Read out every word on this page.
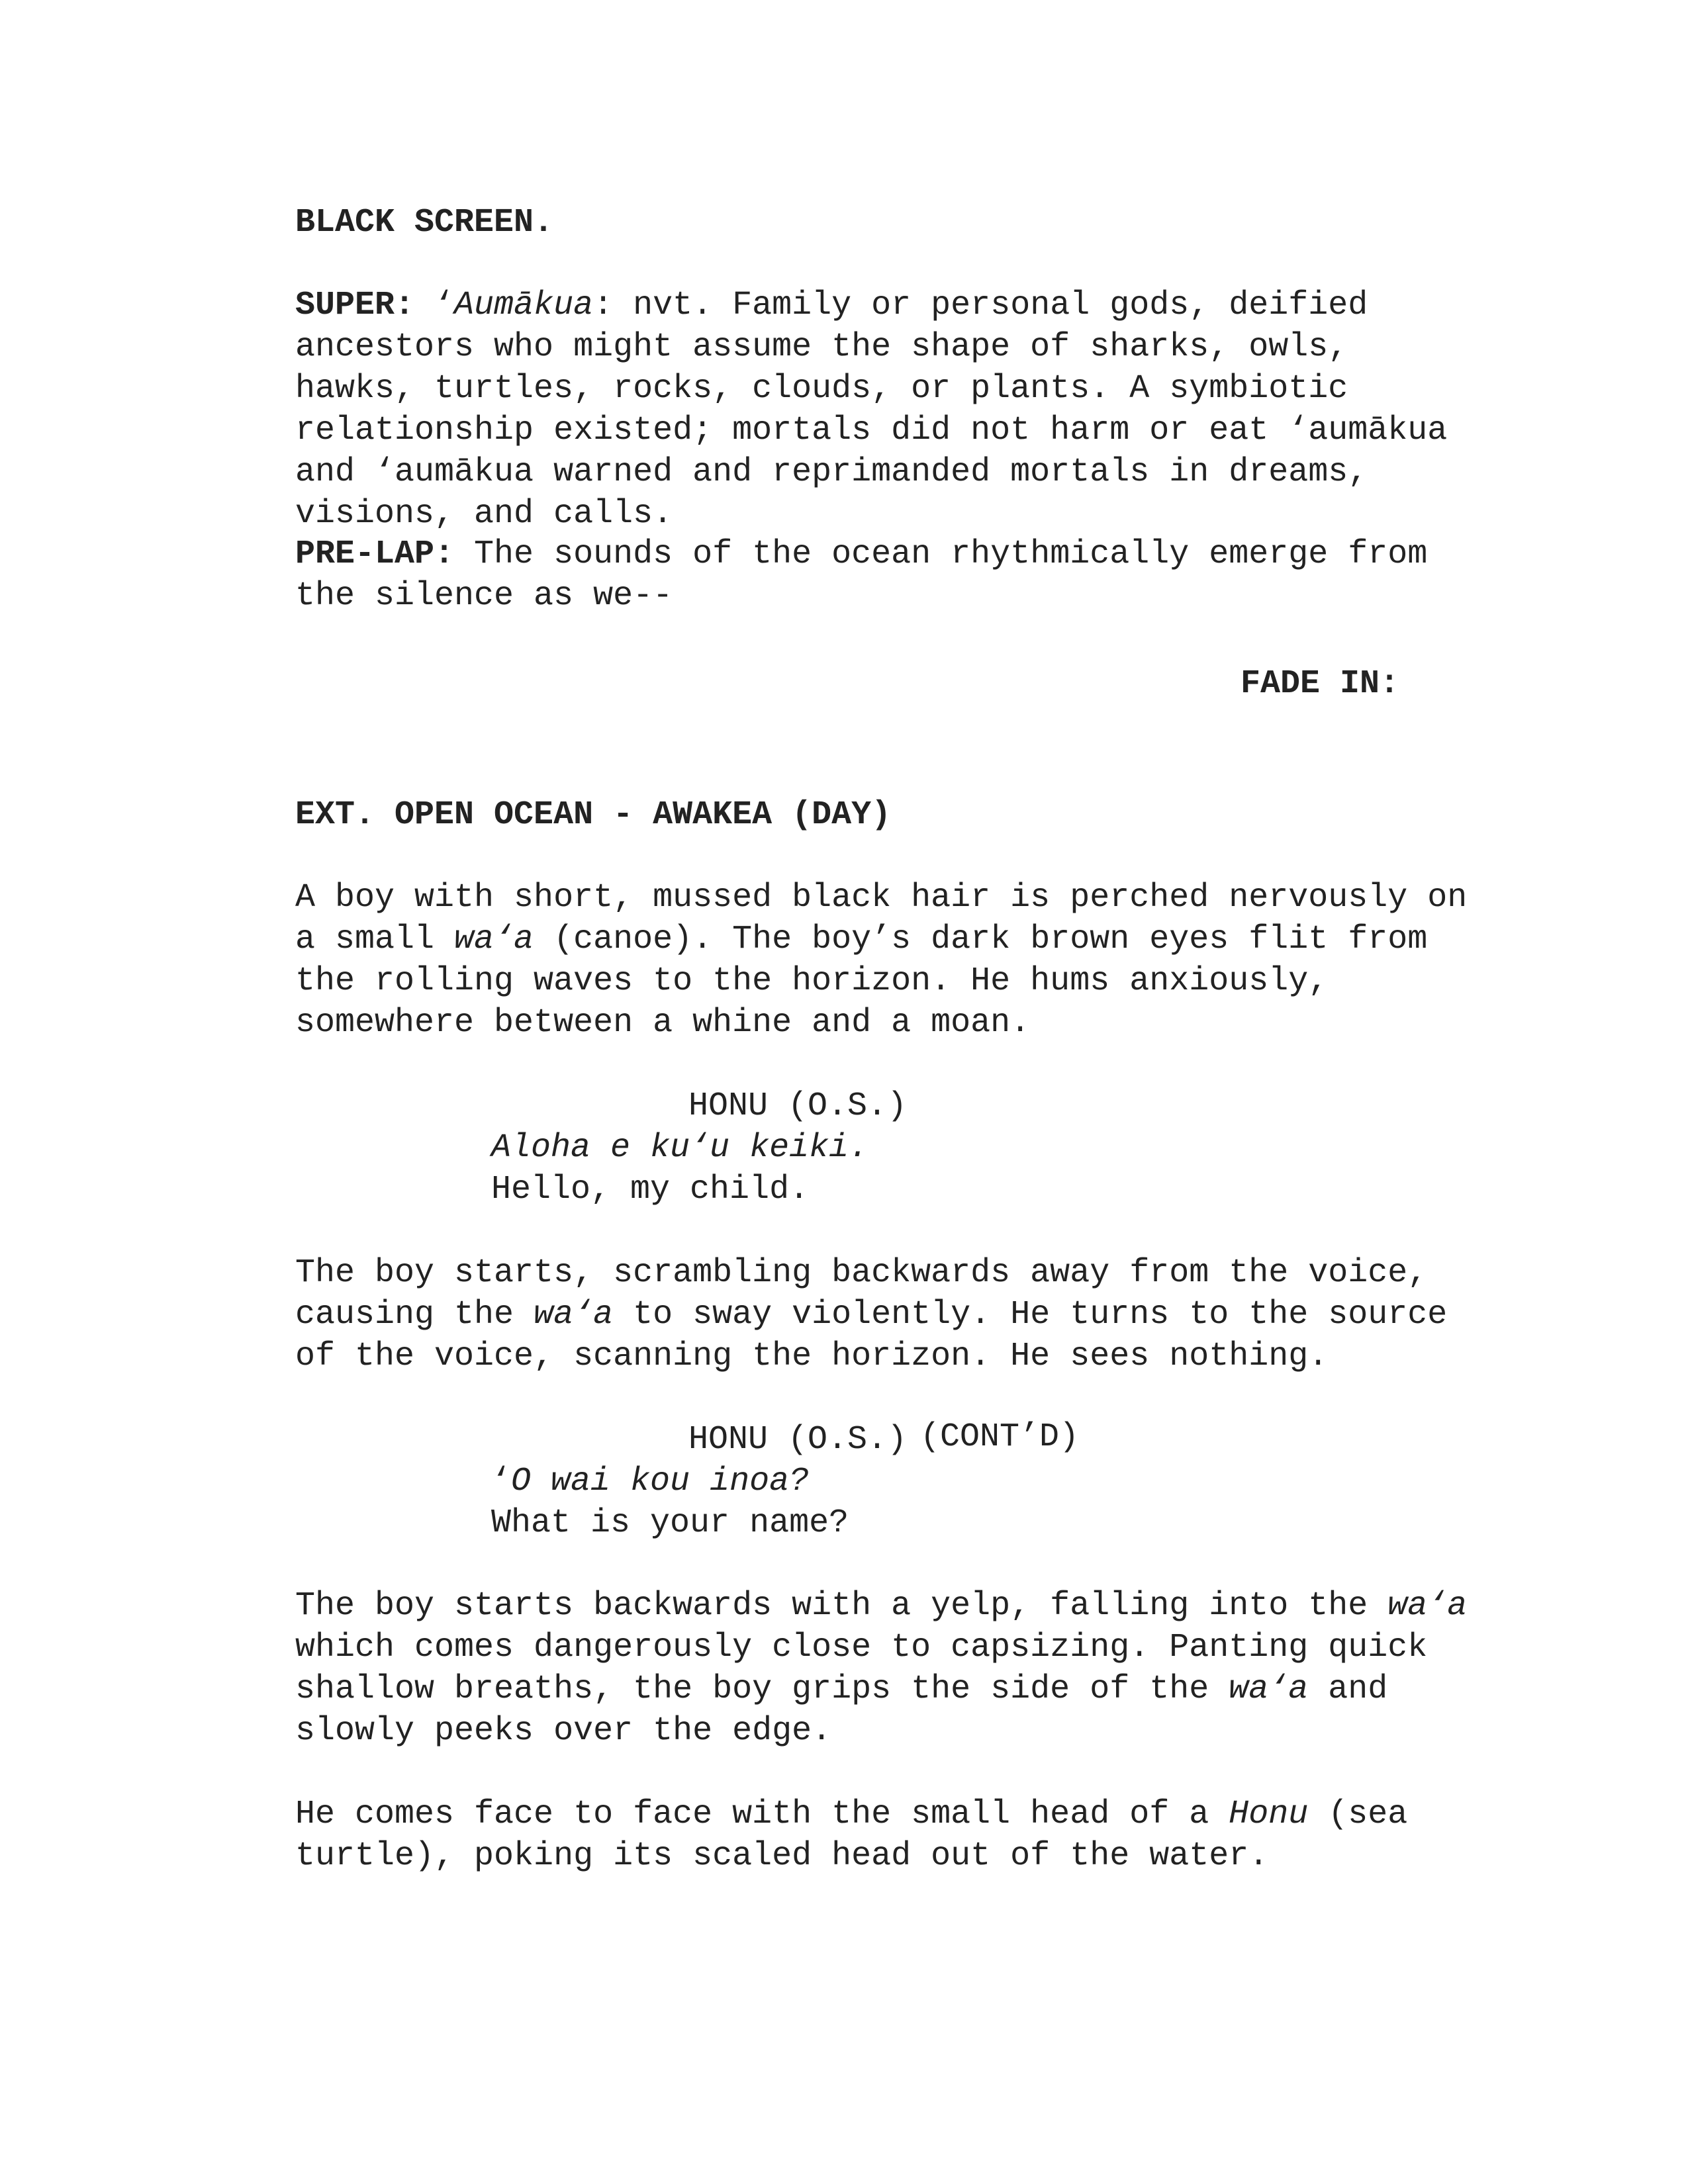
BLACK SCREEN.

SUPER: ‘Aumākua: nvt. Family or personal gods, deified ancestors who might assume the shape of sharks, owls, hawks, turtles, rocks, clouds, or plants. A symbiotic relationship existed; mortals did not harm or eat ‘aumākua and ‘aumākua warned and reprimanded mortals in dreams, visions, and calls.

PRE-LAP: The sounds of the ocean rhythmically emerge from the silence as we--

FADE IN:

EXT. OPEN OCEAN - AWAKEA (DAY)

A boy with short, mussed black hair is perched nervously on a small wa‘a (canoe). The boy’s dark brown eyes flit from the rolling waves to the horizon. He hums anxiously, somewhere between a whine and a moan.

HONU (O.S.)

Aloha e ku‘u keiki.

Hello, my child.

The boy starts, scrambling backwards away from the voice, causing the wa‘a to sway violently. He turns to the source of the voice, scanning the horizon. He sees nothing.

HONU (O.S.) (CONT’D)

‘O wai kou inoa?

What is your name?

The boy starts backwards with a yelp, falling into the wa‘a which comes dangerously close to capsizing. Panting quick shallow breaths, the boy grips the side of the wa‘a and slowly peeks over the edge.

He comes face to face with the small head of a Honu (sea turtle), poking its scaled head out of the water.
